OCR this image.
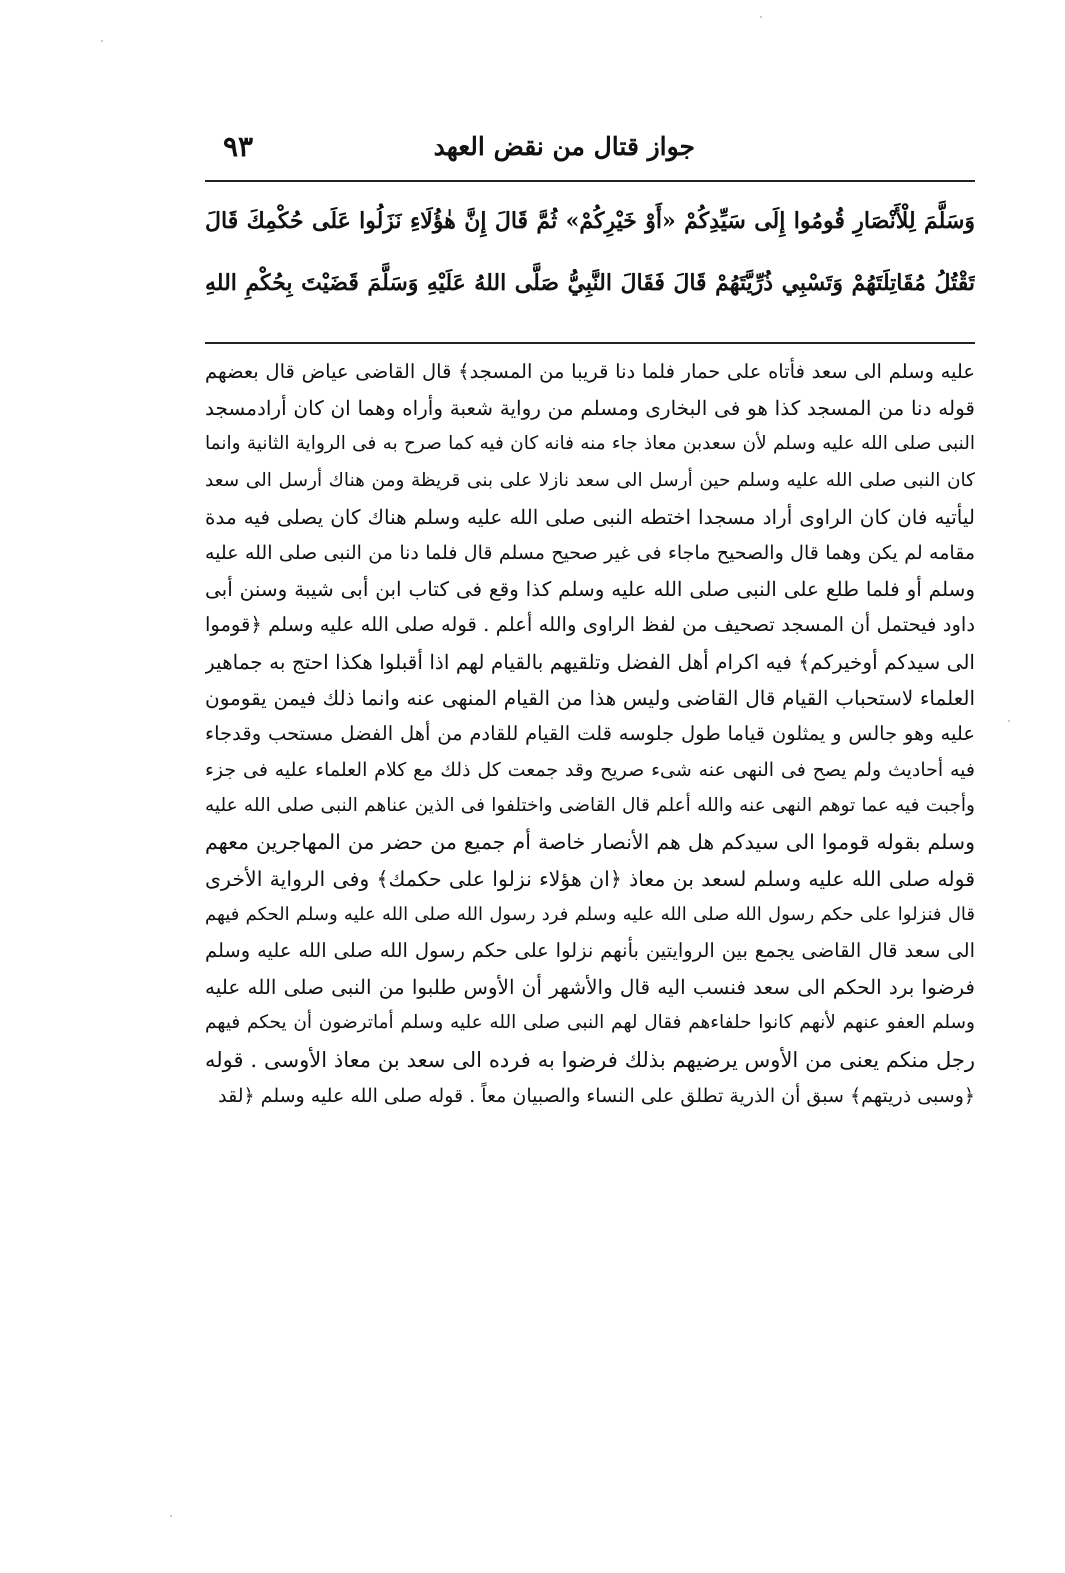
جواز قتال من نقض العهد
٩٣
وَسَلَّمَ لِلْأَنْصَارِ قُومُوا إِلَى سَيِّدِكُمْ «أَوْ خَيْرِكُمْ» ثُمَّ قَالَ إِنَّ هٰؤُلَاءِ نَزَلُوا عَلَى حُكْمِكَ قَالَ
تَقْتُلُ مُقَاتِلَتَهُمْ وَتَسْبِي ذُرِّيَّتَهُمْ قَالَ فَقَالَ النَّبِيُّ صَلَّى اللهُ عَلَيْهِ وَسَلَّمَ قَضَيْتَ بِحُكْمِ اللهِ
عليه وسلم الى سعد فأتاه على حمار فلما دنا قريبا من المسجد﴾ قال القاضى عياض قال بعضهم
قوله دنا من المسجد كذا هو فى البخارى ومسلم من رواية شعبة وأراه وهما ان كان أرادمسجد
النبى صلى الله عليه وسلم لأن سعدبن معاذ جاء منه فانه كان فيه كما صرح به فى الرواية الثانية وانما
كان النبى صلى الله عليه وسلم حين أرسل الى سعد نازلا على بنى قريظة ومن هناك أرسل الى سعد
ليأتيه فان كان الراوى أراد مسجدا اختطه النبى صلى الله عليه وسلم هناك كان يصلى فيه مدة
مقامه لم يكن وهما قال والصحيح ماجاء فى غير صحيح مسلم قال فلما دنا من النبى صلى الله عليه
وسلم أو فلما طلع على النبى صلى الله عليه وسلم كذا وقع فى كتاب ابن أبى شيبة وسنن أبى
داود فيحتمل أن المسجد تصحيف من لفظ الراوى والله أعلم . قوله صلى الله عليه وسلم ﴿قوموا
الى سيدكم أوخيركم﴾ فيه اكرام أهل الفضل وتلقيهم بالقيام لهم اذا أقبلوا هكذا احتج به جماهير
العلماء لاستحباب القيام قال القاضى وليس هذا من القيام المنهى عنه وانما ذلك فيمن يقومون
عليه وهو جالس و يمثلون قياما طول جلوسه قلت القيام للقادم من أهل الفضل مستحب وقدجاء
فيه أحاديث ولم يصح فى النهى عنه شىء صريح وقد جمعت كل ذلك مع كلام العلماء عليه فى جزء
وأجبت فيه عما توهم النهى عنه والله أعلم قال القاضى واختلفوا فى الذين عناهم النبى صلى الله عليه
وسلم بقوله قوموا الى سيدكم هل هم الأنصار خاصة أم جميع من حضر من المهاجرين معهم
قوله صلى الله عليه وسلم لسعد بن معاذ ﴿ان هؤلاء نزلوا على حكمك﴾ وفى الرواية الأخرى
قال فنزلوا على حكم رسول الله صلى الله عليه وسلم فرد رسول الله صلى الله عليه وسلم الحكم فيهم
الى سعد قال القاضى يجمع بين الروايتين بأنهم نزلوا على حكم رسول الله صلى الله عليه وسلم
فرضوا برد الحكم الى سعد فنسب اليه قال والأشهر أن الأوس طلبوا من النبى صلى الله عليه
وسلم العفو عنهم لأنهم كانوا حلفاءهم فقال لهم النبى صلى الله عليه وسلم أماترضون أن يحكم فيهم
رجل منكم يعنى من الأوس يرضيهم بذلك فرضوا به فرده الى سعد بن معاذ الأوسى . قوله
﴿وسبى ذريتهم﴾ سبق أن الذرية تطلق على النساء والصبيان معاً . قوله صلى الله عليه وسلم ﴿لقد
